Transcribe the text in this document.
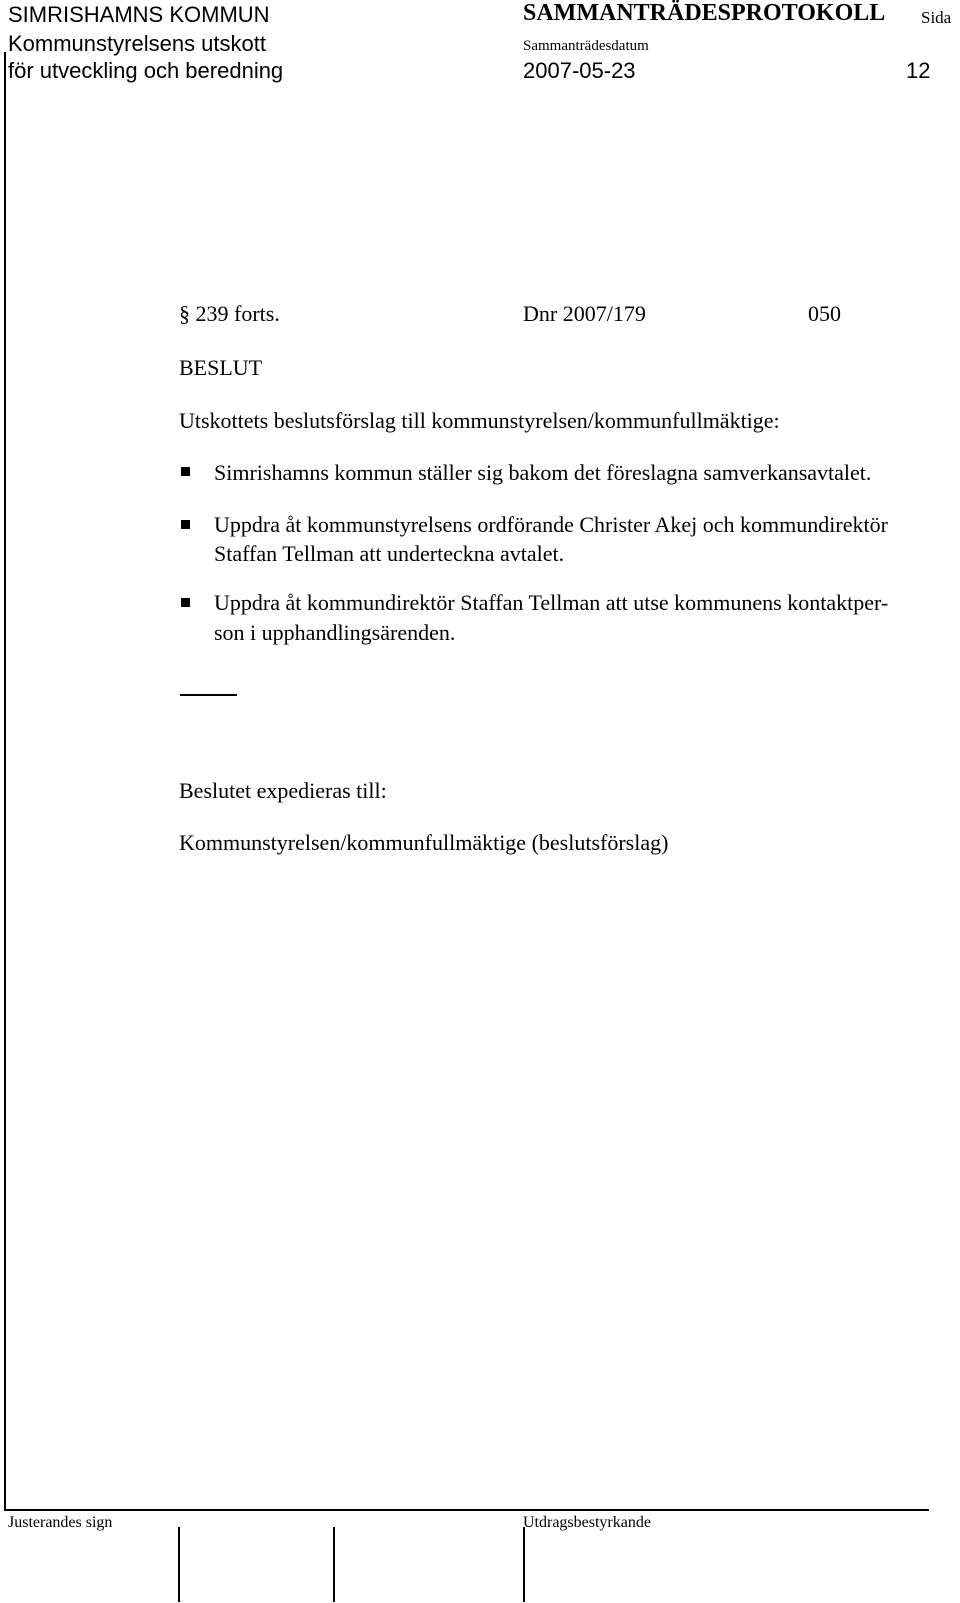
SIMRISHAMNS KOMMUN	SAMMANTRÄDESPROTOKOLL Sida
Kommunstyrelsens utskott	Sammanträdesdatum
för utveckling och beredning	2007-05-23	12
§ 239 forts.	Dnr 2007/179	050
BESLUT
Utskottets beslutsförslag till kommunstyrelsen/kommunfullmäktige:
Simrishamns kommun ställer sig bakom det föreslagna samverkansavtalet.
Uppdra åt kommunstyrelsens ordförande Christer Akej och kommundirektör
Staffan Tellman att underteckna avtalet.
Uppdra åt kommundirektör Staffan Tellman att utse kommunens kontaktper-
son i upphandlingsärenden.
Beslutet expedieras till:
Kommunstyrelsen/kommunfullmäktige (beslutsförslag)
Justerandes sign	Utdragsbestyrkande
